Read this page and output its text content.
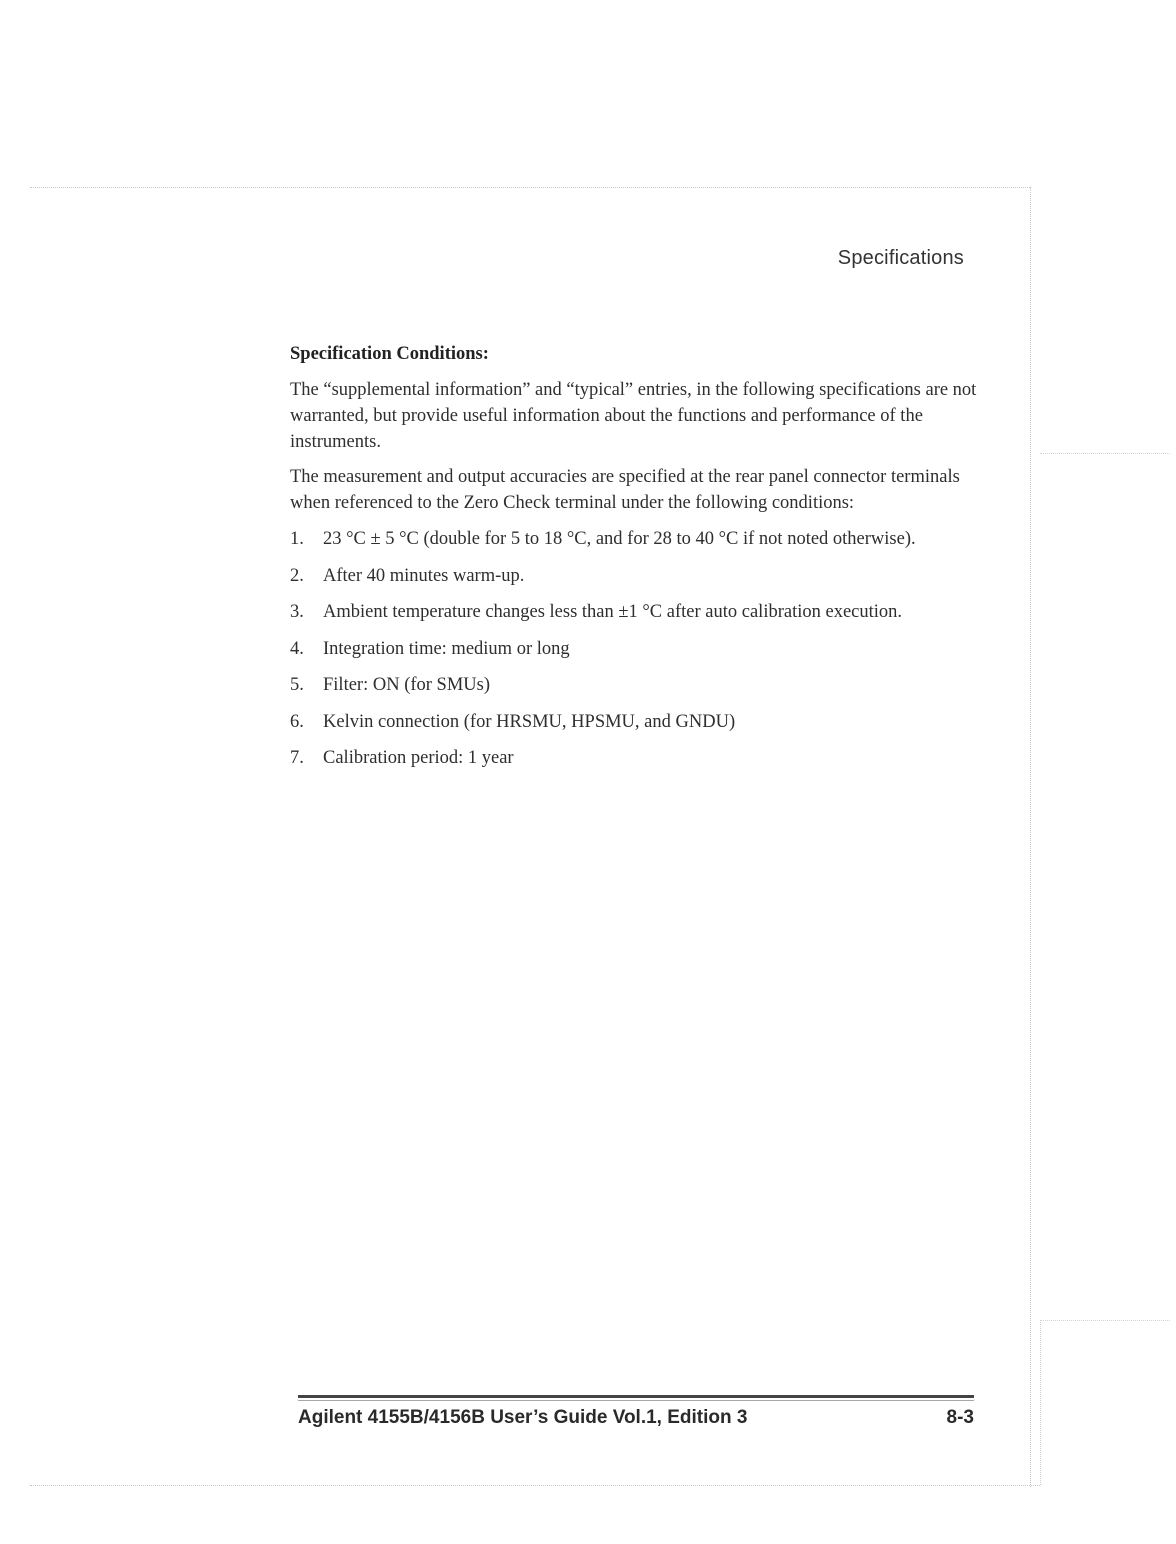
Specifications
Specification Conditions:

The “supplemental information” and “typical” entries, in the following specifications are not warranted, but provide useful information about the functions and performance of the instruments.

The measurement and output accuracies are specified at the rear panel connector terminals when referenced to the Zero Check terminal under the following conditions:

1.	23 °C ± 5 °C (double for 5 to 18 °C, and for 28 to 40 °C if not noted otherwise).
2.	After 40 minutes warm-up.
3.	Ambient temperature changes less than ±1 °C after auto calibration execution.
4.	Integration time: medium or long
5.	Filter: ON (for SMUs)
6.	Kelvin connection (for HRSMU, HPSMU, and GNDU)
7.	Calibration period: 1 year
Agilent 4155B/4156B User’s Guide Vol.1, Edition 3	8-3
